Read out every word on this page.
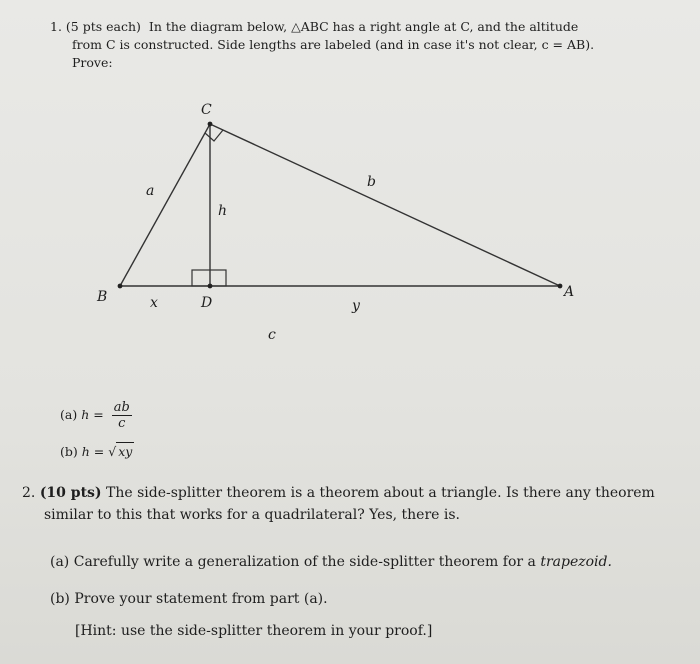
1. (5 pts each) In the diagram below, △ABC has a right angle at C, and the altitude
from C is constructed. Side lengths are labeled (and in case it's not clear, c = AB).
Prove:
C
B	A
D
a
b
h
x	y
c
(a) $h = \frac{ab}{c}$
(b) h = √ xy
2. (10 pts) The side-splitter theorem is a theorem about a triangle. Is there any theorem
similar to this that works for a quadrilateral? Yes, there is.
(a) Carefully write a generalization of the side-splitter theorem for a trapezoid.
(b) Prove your statement from part (a).
[Hint: use the side-splitter theorem in your proof.]
